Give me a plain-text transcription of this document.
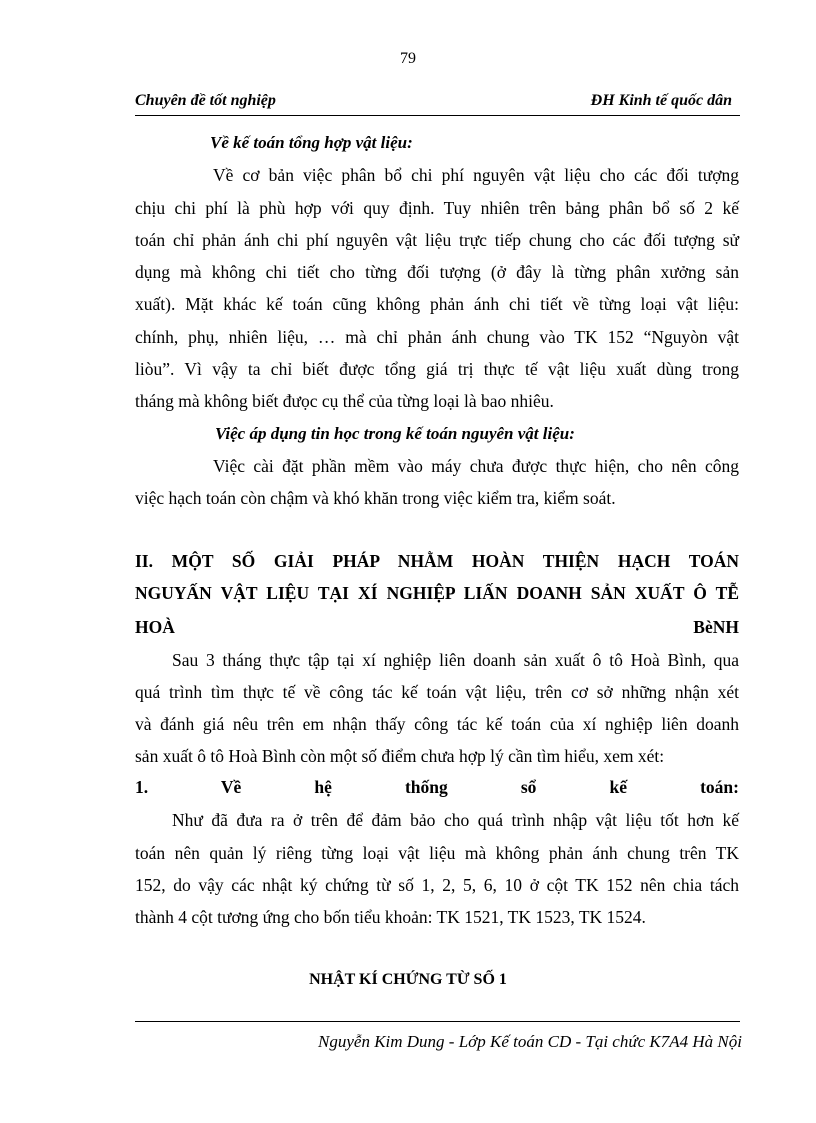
79
Chuyên đề tốt nghiệp	ĐH Kinh tế quốc dân
Về kế toán tổng hợp vật liệu:
Về cơ bản việc phân bổ chi phí nguyên vật liệu cho các đối tượng
chịu chi phí là phù hợp với quy định. Tuy nhiên trên bảng phân bổ số 2 kế
toán chỉ phản ánh chi phí nguyên vật liệu trực tiếp chung cho các đối tượng sử
dụng mà không chi tiết cho từng đối tượng (ở đây là từng phân xưởng sản
xuất). Mặt khác kế toán cũng không phản ánh chi tiết về từng loại vật liệu:
chính, phụ, nhiên liệu, … mà chỉ phản ánh chung vào TK 152 “Nguyòn vật
liòu”. Vì vậy ta chỉ biết được tổng giá trị thực tế vật liệu xuất dùng trong
tháng mà không biết đưọc cụ thể của từng loại là bao nhiêu.
Việc áp dụng tin học trong kế toán nguyên vật liệu:
Việc cài đặt phần mềm vào máy chưa được thực hiện, cho nên công
việc hạch toán còn chậm và khó khăn trong việc kiểm tra, kiểm soát.
II. MỘT SỐ GIẢI PHÁP NHẰM HOÀN THIỆN HẠCH TOÁN
NGUYẤN VẬT LIỆU TẠI XÍ NGHIỆP LIẤN DOANH SẢN XUẤT Ô TỄ
HOÀ BèNH
Sau 3 tháng thực tập tại xí nghiệp liên doanh sản xuất ô tô Hoà Bình, qua
quá trình tìm thực tế về công tác kế toán vật liệu, trên cơ sở những nhận xét
và đánh giá nêu trên em nhận thấy công tác kế toán của xí nghiệp liên doanh
sản xuất ô tô Hoà Bình còn một số điểm chưa hợp lý cần tìm hiểu, xem xét:
1. Về hệ thống sổ kế toán:
Như đã đưa ra ở trên để đảm bảo cho quá trình nhập vật liệu tốt hơn kế
toán nên quản lý riêng từng loại vật liệu mà không phản ánh chung trên TK
152, do vậy các nhật ký chứng từ số 1, 2, 5, 6, 10 ở cột TK 152 nên chia tách
thành 4 cột tương ứng cho bốn tiểu khoản: TK 1521, TK 1523, TK 1524.
NHẬT KÍ CHỨNG TỪ SỐ 1
Nguyễn Kim Dung - Lớp Kế toán CD - Tại chức K7A4 Hà Nội
